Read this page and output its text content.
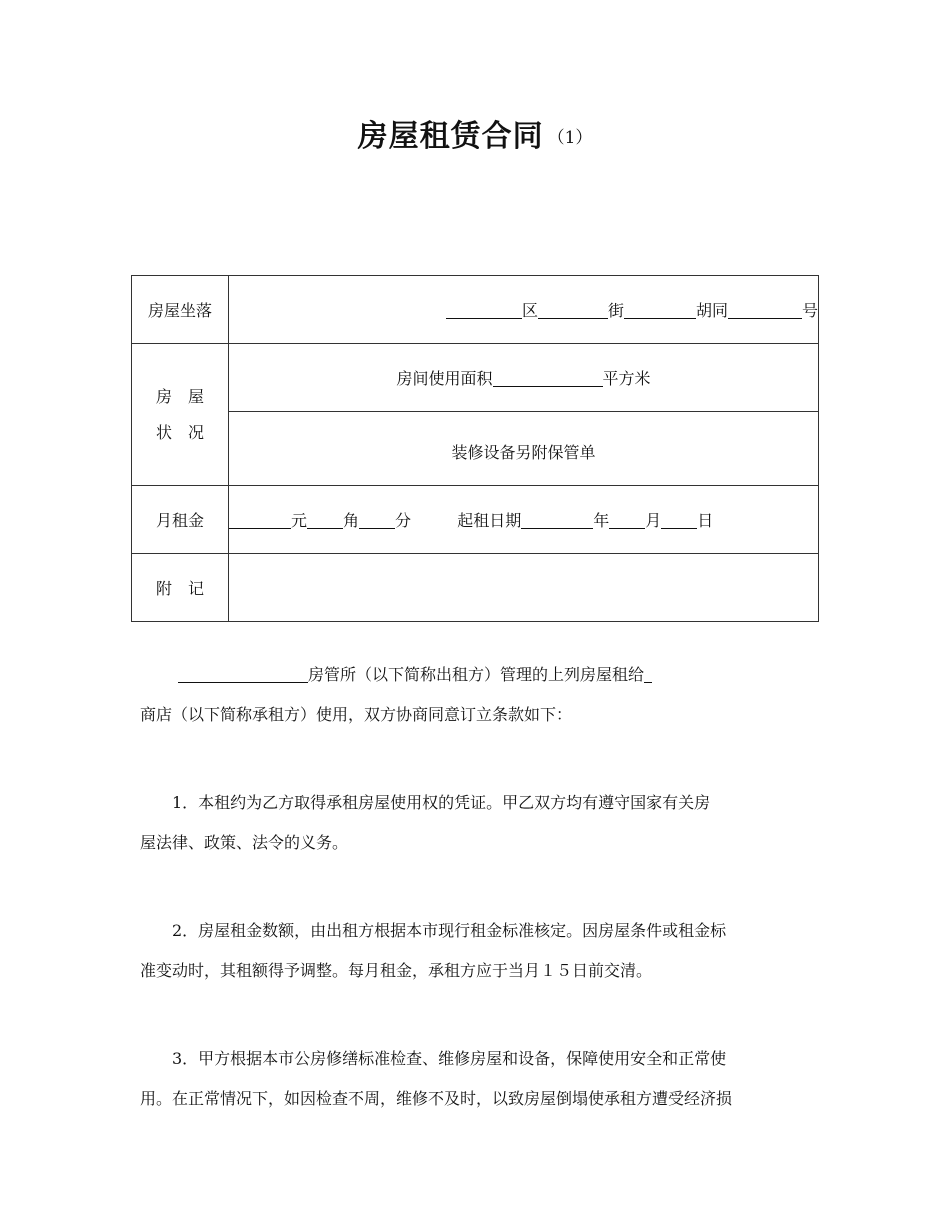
房屋租赁合同 （1）
房屋坐落	区 街 胡同 号

房　屋
状　况	房间使用面积 平方米
	装修设备另附保管单
月租金	元 角 分 起租日期 年 月 日
附　记	

房管所（以下简称出租方）管理的上列房屋租给

商店（以下简称承租方）使用，双方协商同意订立条款如下：

1．本租约为乙方取得承租房屋使用权的凭证。甲乙双方均有遵守国家有关房

屋法律、政策、法令的义务。

2．房屋租金数额，由出租方根据本市现行租金标准核定。因房屋条件或租金标

准变动时，其租额得予调整。每月租金，承租方应于当月１５日前交清。

3．甲方根据本市公房修缮标准检查、维修房屋和设备，保障使用安全和正常使

用。在正常情况下，如因检查不周，维修不及时，以致房屋倒塌使承租方遭受经济损
